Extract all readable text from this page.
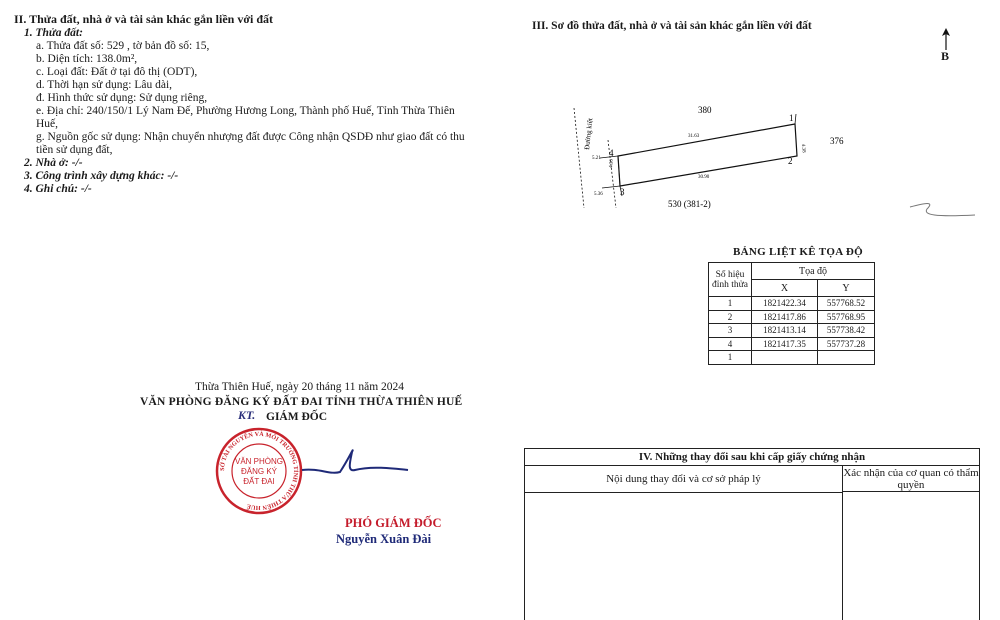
II. Thửa đất, nhà ở và tài sản khác gắn liền với đất
1. Thửa đất:
a. Thửa đất số: 529 , tờ bản đồ số: 15,
b. Diện tích: 138.0m²,
c. Loại đất: Đất ở tại đô thị (ODT),
d. Thời hạn sử dụng: Lâu dài,
đ. Hình thức sử dụng: Sử dụng riêng,
e. Địa chỉ: 240/150/1 Lý Nam Đế, Phường Hương Long, Thành phố Huế, Tỉnh Thừa Thiên Huế,
g. Nguồn gốc sử dụng: Nhận chuyển nhượng đất được Công nhận QSDĐ như giao đất có thu tiền sử dụng đất,
2. Nhà ở: -/-
3. Công trình xây dựng khác: -/-
4. Ghi chú: -/-
Thừa Thiên Huế, ngày 20 tháng 11 năm 2024
VĂN PHÒNG ĐĂNG KÝ ĐẤT ĐAI TỈNH THỪA THIÊN HUẾ
KT. GIÁM ĐỐC
SỞ TÀI NGUYÊN VÀ MÔI TRƯỜNG TỈNH THỪA THIÊN HUẾ
VĂN PHÒNG
ĐĂNG KÝ
ĐẤT ĐAI
PHÓ GIÁM ĐỐC
Nguyễn Xuân Đài
III. Sơ đồ thửa đất, nhà ở và tài sản khác gắn liền với đất
B
380
376
530 (381-2)
Đường kiệt	31.63
30.90
4.38
4.30
5.21
5.36
1
2
3
4
BẢNG LIỆT KÊ TỌA ĐỘ
Số hiệu đỉnh thửa	Tọa độ	
	X	Y
1	1821422.34	557768.52
2	1821417.86	557768.95
3	1821413.14	557738.42
4	1821417.35	557737.28
1		
IV. Những thay đổi sau khi cấp giấy chứng nhận
Nội dung thay đổi và cơ sở pháp lý	Xác nhận của cơ quan có thẩm quyền
